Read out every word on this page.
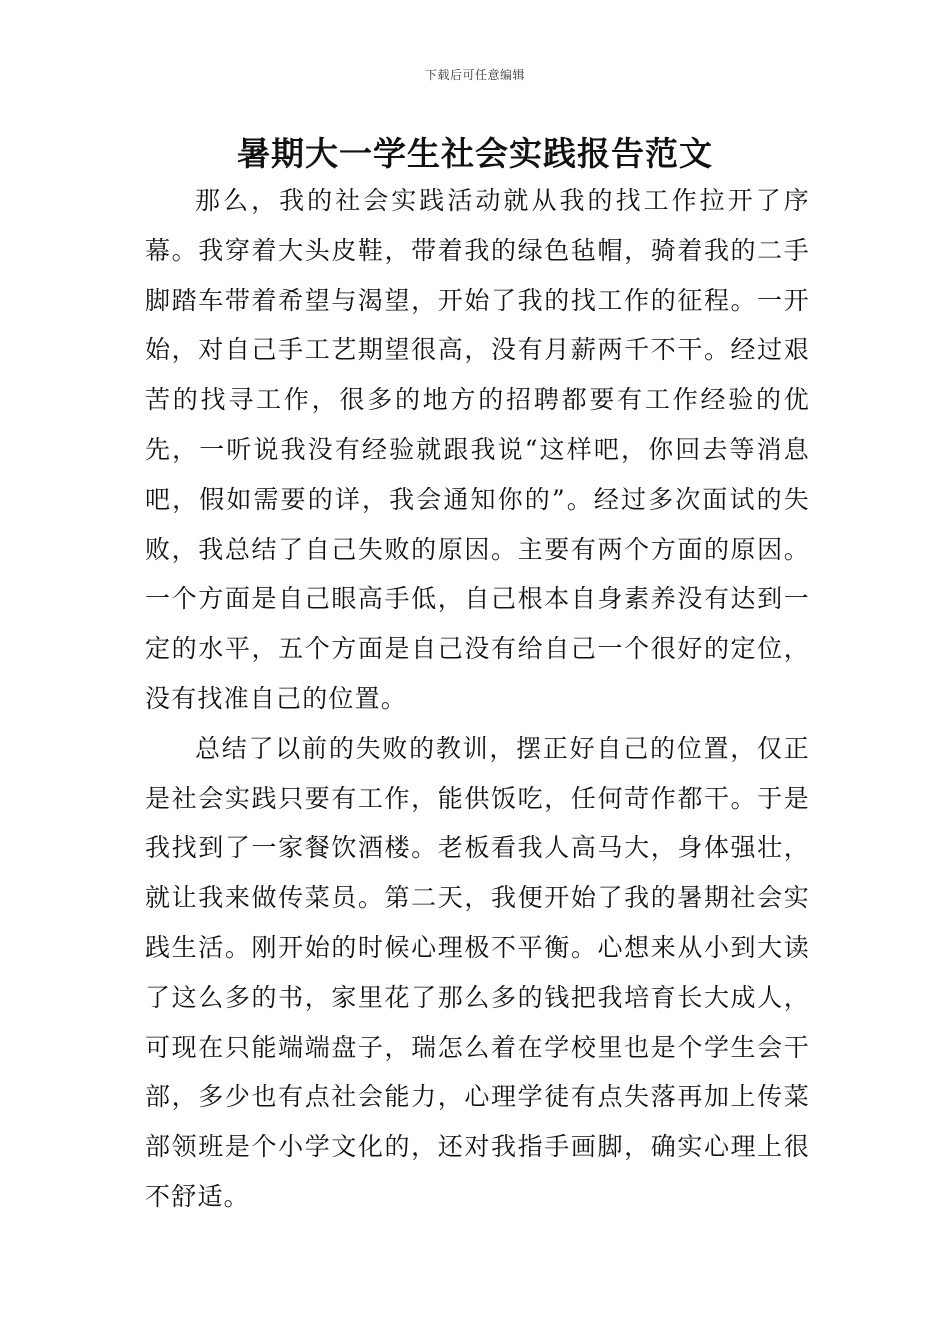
下载后可任意编辑
暑期大一学生社会实践报告范文

那么，我的社会实践活动就从我的找工作拉开了序幕。我穿着大头皮鞋，带着我的绿色毡帽，骑着我的二手脚踏车带着希望与渴望，开始了我的找工作的征程。一开始，对自己手工艺期望很高，没有月薪两千不干。经过艰苦的找寻工作，很多的地方的招聘都要有工作经验的优先，一听说我没有经验就跟我说“这样吧，你回去等消息吧，假如需要的详，我会通知你的”。经过多次面试的失败，我总结了自己失败的原因。主要有两个方面的原因。一个方面是自己眼高手低，自己根本自身素养没有达到一定的水平，五个方面是自己没有给自己一个很好的定位，没有找准自己的位置。

总结了以前的失败的教训，摆正好自己的位置，仅正是社会实践只要有工作，能供饭吃，任何苛作都干。于是我找到了一家餐饮酒楼。老板看我人高马大，身体强壮，就让我来做传菜员。第二天，我便开始了我的暑期社会实践生活。刚开始的时候心理极不平衡。心想来从小到大读了这么多的书，家里花了那么多的钱把我培育长大成人，可现在只能端端盘子，瑞怎么着在学校里也是个学生会干部，多少也有点社会能力，心理学徒有点失落再加上传菜部领班是个小学文化的，还对我指手画脚，确实心理上很不舒适。
